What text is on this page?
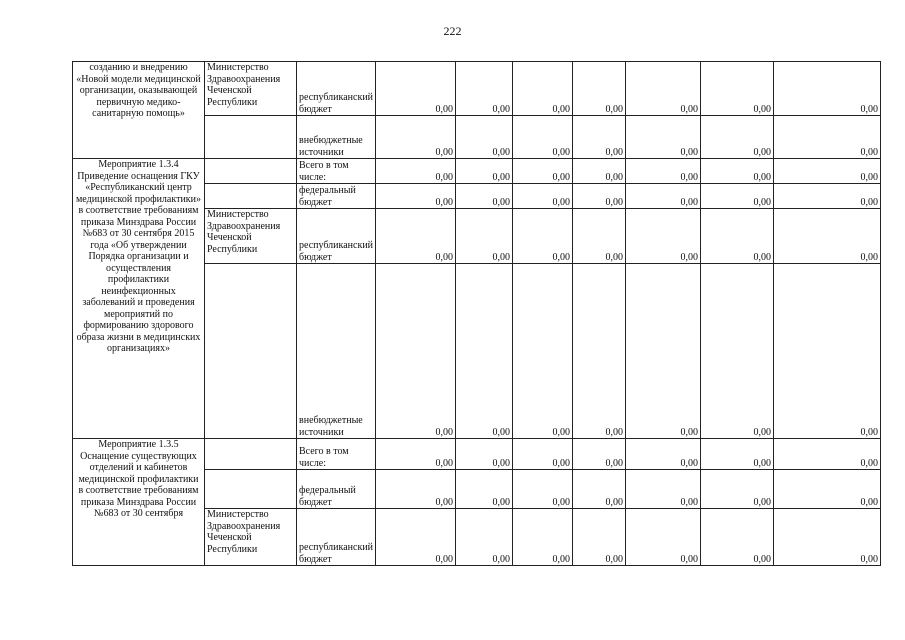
222
созданию и внедрению «Новой модели медицинской организации, оказывающей первичную медико-санитарную помощь»	Министерство Здравоохранения Чеченской Республики	республиканский бюджет	0,00	0,00	0,00	0,00	0,00	0,00	0,00
		внебюджетные источники	0,00	0,00	0,00	0,00	0,00	0,00	0,00
Мероприятие 1.3.4 Приведение оснащения ГКУ «Республиканский центр медицинской профилактики» в соответствие требованиям приказа Минздрава России №683 от 30 сентября 2015 года «Об утверждении Порядка организации и осуществления профилактики неинфекционных заболеваний и проведения мероприятий по формированию здорового образа жизни в медицинских организациях»		Всего в том числе:	0,00	0,00	0,00	0,00	0,00	0,00	0,00
		федеральный бюджет	0,00	0,00	0,00	0,00	0,00	0,00	0,00
	Министерство Здравоохранения Чеченской Республики	республиканский бюджет	0,00	0,00	0,00	0,00	0,00	0,00	0,00
		внебюджетные источники	0,00	0,00	0,00	0,00	0,00	0,00	0,00
Мероприятие 1.3.5 Оснащение существующих отделений и кабинетов медицинской профилактики в соответствие требованиям приказа Минздрава России №683 от 30 сентября		Всего в том числе:	0,00	0,00	0,00	0,00	0,00	0,00	0,00
		федеральный бюджет	0,00	0,00	0,00	0,00	0,00	0,00	0,00
	Министерство Здравоохранения Чеченской Республики	республиканский бюджет	0,00	0,00	0,00	0,00	0,00	0,00	0,00
